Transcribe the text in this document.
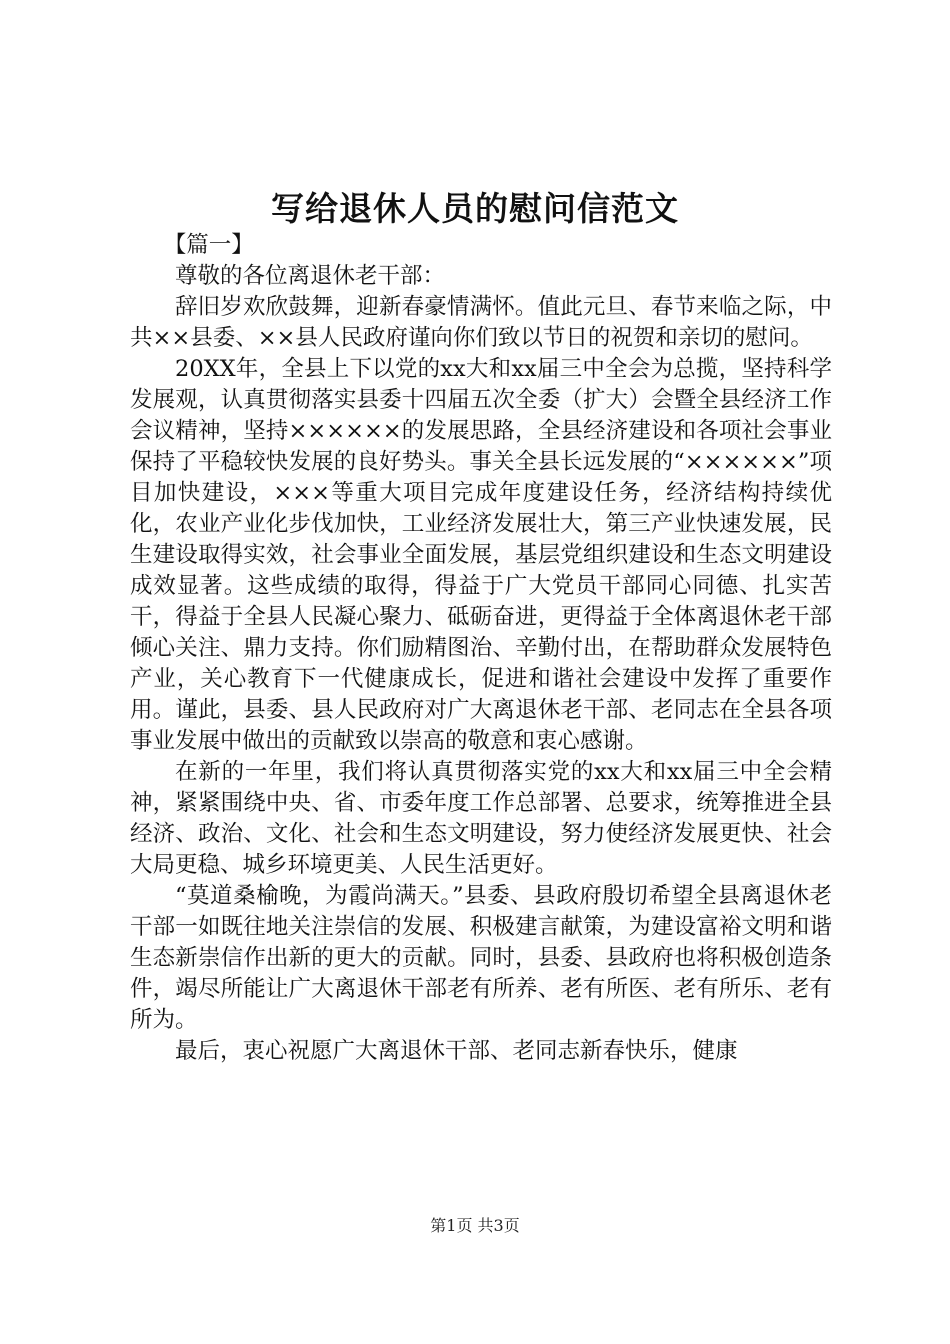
写给退休人员的慰问信范文

【篇一】

尊敬的各位离退休老干部：

辞旧岁欢欣鼓舞，迎新春豪情满怀。值此元旦、春节来临之际，中共××县委、××县人民政府谨向你们致以节日的祝贺和亲切的慰问。

20XX年，全县上下以党的xx大和xx届三中全会为总揽，坚持科学发展观，认真贯彻落实县委十四届五次全委（扩大）会暨全县经济工作会议精神，坚持××××××的发展思路，全县经济建设和各项社会事业保持了平稳较快发展的良好势头。事关全县长远发展的“××××××”项目加快建设，×××等重大项目完成年度建设任务，经济结构持续优化，农业产业化步伐加快，工业经济发展壮大，第三产业快速发展，民生建设取得实效，社会事业全面发展，基层党组织建设和生态文明建设成效显著。这些成绩的取得，得益于广大党员干部同心同德、扎实苦干，得益于全县人民凝心聚力、砥砺奋进，更得益于全体离退休老干部倾心关注、鼎力支持。你们励精图治、辛勤付出，在帮助群众发展特色产业，关心教育下一代健康成长，促进和谐社会建设中发挥了重要作用。谨此，县委、县人民政府对广大离退休老干部、老同志在全县各项事业发展中做出的贡献致以崇高的敬意和衷心感谢。

在新的一年里，我们将认真贯彻落实党的xx大和xx届三中全会精神，紧紧围绕中央、省、市委年度工作总部署、总要求，统筹推进全县经济、政治、文化、社会和生态文明建设，努力使经济发展更快、社会大局更稳、城乡环境更美、人民生活更好。

“莫道桑榆晚，为霞尚满天。”县委、县政府殷切希望全县离退休老干部一如既往地关注崇信的发展、积极建言献策，为建设富裕文明和谐生态新崇信作出新的更大的贡献。同时，县委、县政府也将积极创造条件，竭尽所能让广大离退休干部老有所养、老有所医、老有所乐、老有所为。

最后，衷心祝愿广大离退休干部、老同志新春快乐，健康

第1页 共3页
